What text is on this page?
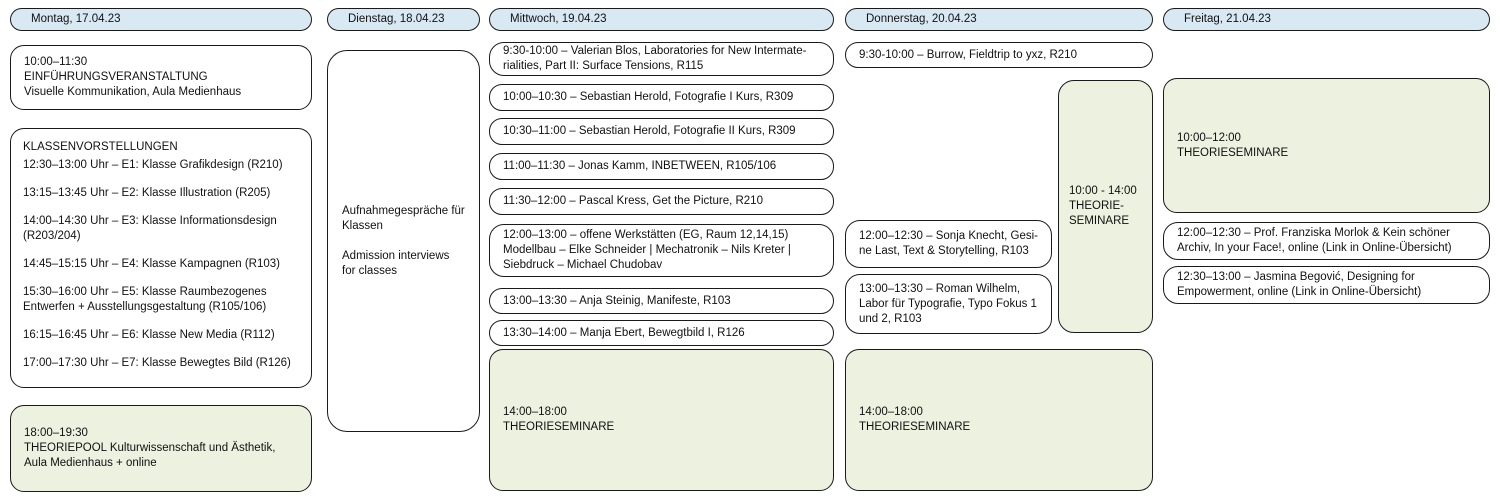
Montag, 17.04.23	Dienstag, 18.04.23	Mittwoch, 19.04.23	Donnerstag, 20.04.23	Freitag, 21.04.23
10:00–11:30
EINFÜHRUNGSVERANSTALTUNG
Visuelle Kommunikation, Aula Medienhaus

KLASSENVORSTELLUNGEN

12:30–13:00 Uhr – E1: Klasse Grafikdesign (R210)

13:15–13:45 Uhr – E2: Klasse Illustration (R205)

14:00–14:30 Uhr – E3: Klasse Informationsdesign (R203/204)

14:45–15:15 Uhr – E4: Klasse Kampagnen (R103)

15:30–16:00 Uhr – E5: Klasse Raumbezogenes Entwerfen + Ausstellungsgestaltung (R105/106)

16:15–16:45 Uhr – E6: Klasse New Media (R112)

17:00–17:30 Uhr – E7: Klasse Bewegtes Bild (R126)

18:00–19:30
THEORIEPOOL Kulturwissenschaft und Ästhetik,
Aula Medienhaus + online
Aufnahmegespräche für Klassen
Admission interviews for classes
9:30-10:00 – Valerian Blos, Laboratories for New Intermate-
rialities, Part II: Surface Tensions, R115
10:00–10:30 – Sebastian Herold, Fotografie I Kurs, R309
10:30–11:00 – Sebastian Herold, Fotografie II Kurs, R309
11:00–11:30 – Jonas Kamm, INBETWEEN, R105/106
11:30–12:00 – Pascal Kress, Get the Picture, R210
12:00–13:00 – offene Werkstätten (EG, Raum 12,14,15)
Modellbau – Elke Schneider | Mechatronik – Nils Kreter |
Siebdruck – Michael Chudobav
13:00–13:30 – Anja Steinig, Manifeste, R103
13:30–14:00 – Manja Ebert, Bewegtbild I, R126
14:00–18:00
THEORIESEMINARE
9:30-10:00 – Burrow, Fieldtrip to yxz, R210
10:00 - 14:00
THEORIE-
SEMINARE
12:00–12:30 – Sonja Knecht, Gesi-
ne Last, Text & Storytelling, R103
13:00–13:30 – Roman Wilhelm,
Labor für Typografie, Typo Fokus 1
und 2, R103
14:00–18:00
THEORIESEMINARE
10:00–12:00
THEORIESEMINARE
12:00–12:30 – Prof. Franziska Morlok & Kein schöner
Archiv, In your Face!, online (Link in Online-Übersicht)
12:30–13:00 – Jasmina Begović, Designing for
Empowerment, online (Link in Online-Übersicht)
